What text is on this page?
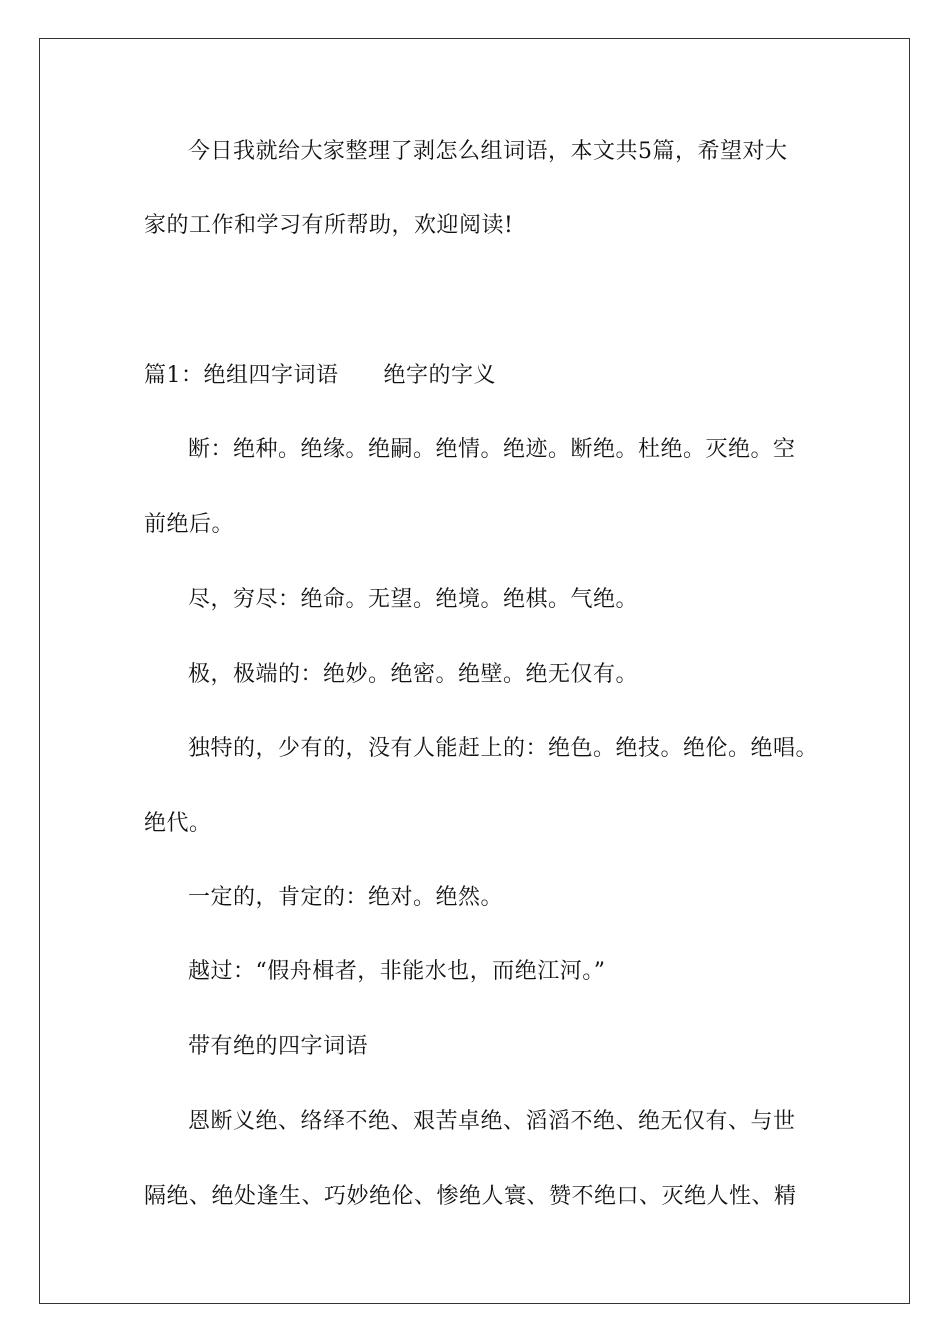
今日我就给大家整理了剥怎么组词语，本文共5篇，希望对大
家的工作和学习有所帮助，欢迎阅读!
篇1：绝组四字词语　　绝字的字义
断：绝种。绝缘。绝嗣。绝情。绝迹。断绝。杜绝。灭绝。空
前绝后。
尽，穷尽：绝命。无望。绝境。绝棋。气绝。
极，极端的：绝妙。绝密。绝壁。绝无仅有。
独特的，少有的，没有人能赶上的：绝色。绝技。绝伦。绝唱。
绝代。
一定的，肯定的：绝对。绝然。
越过：“假舟楫者，非能水也，而绝江河。”
带有绝的四字词语
恩断义绝、络绎不绝、艰苦卓绝、滔滔不绝、绝无仅有、与世
隔绝、绝处逢生、巧妙绝伦、惨绝人寰、赞不绝口、灭绝人性、精
